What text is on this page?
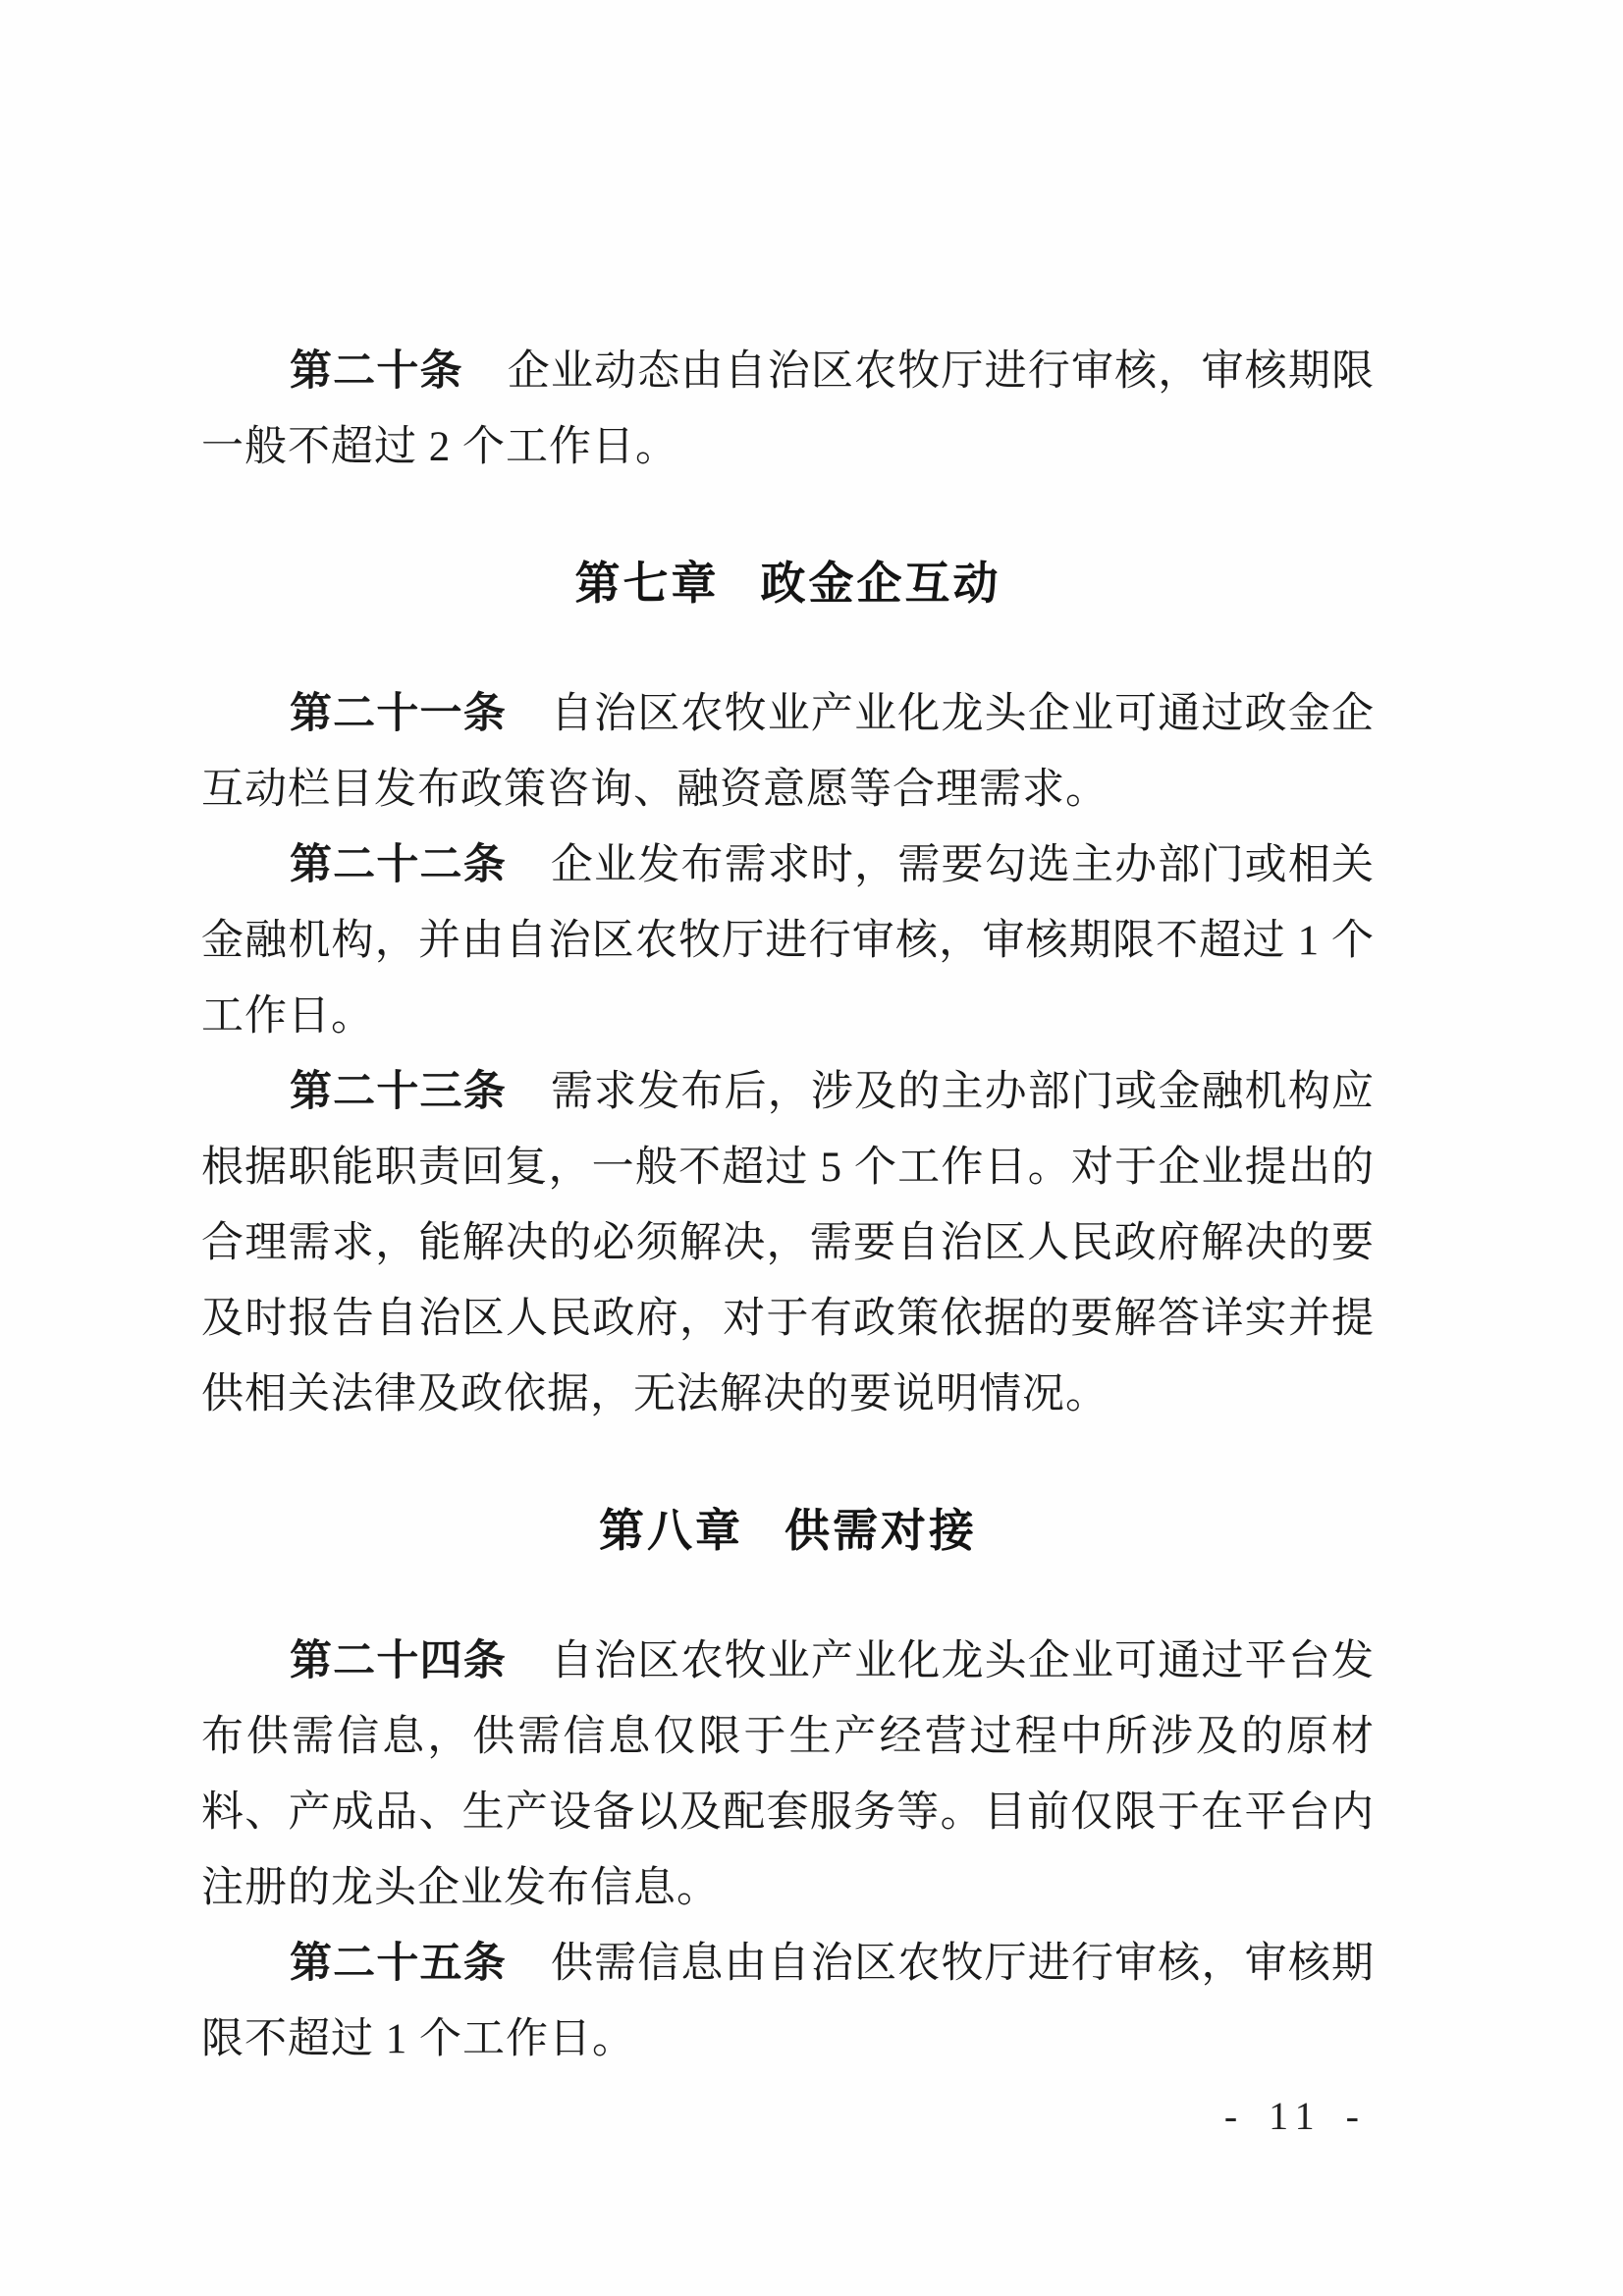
第二十条 企业动态由自治区农牧厅进行审核，审核期限一般不超过 2 个工作日。

第七章 政金企互动

第二十一条 自治区农牧业产业化龙头企业可通过政金企互动栏目发布政策咨询、融资意愿等合理需求。

第二十二条 企业发布需求时，需要勾选主办部门或相关金融机构，并由自治区农牧厅进行审核，审核期限不超过 1 个工作日。

第二十三条 需求发布后，涉及的主办部门或金融机构应根据职能职责回复，一般不超过 5 个工作日。对于企业提出的合理需求，能解决的必须解决，需要自治区人民政府解决的要及时报告自治区人民政府，对于有政策依据的要解答详实并提供相关法律及政依据，无法解决的要说明情况。

第八章 供需对接

第二十四条 自治区农牧业产业化龙头企业可通过平台发布供需信息，供需信息仅限于生产经营过程中所涉及的原材料、产成品、生产设备以及配套服务等。目前仅限于在平台内注册的龙头企业发布信息。

第二十五条 供需信息由自治区农牧厅进行审核，审核期限不超过 1 个工作日。

- 11 -
